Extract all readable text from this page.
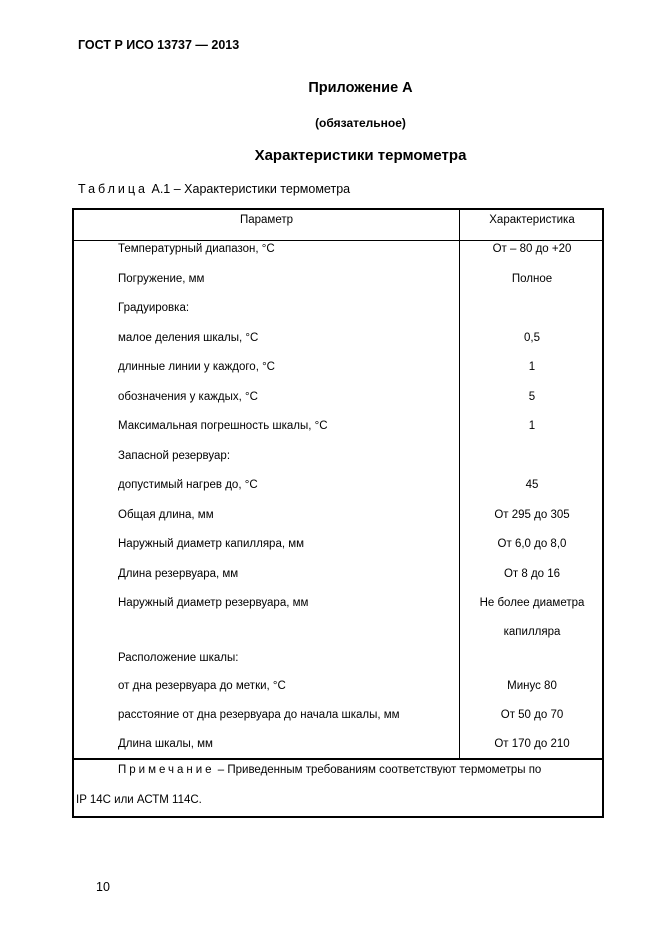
ГОСТ Р ИСО 13737 — 2013
Приложение А
(обязательное)
Характеристики термометра
Таблица А.1 – Характеристики термометра
Параметр	Характеристика
Температурный диапазон, °С	От – 80 до +20
Погружение, мм	Полное
Градуировка:
малое деления шкалы, °С	0,5
длинные линии у каждого, °С	1
обозначения у каждых, °С	5
Максимальная погрешность шкалы, °С	1
Запасной резервуар:
допустимый нагрев до, °С	45
Общая длина, мм	От 295 до 305
Наружный диаметр капилляра, мм	От 6,0 до 8,0
Длина резервуара, мм	От 8 до 16
Наружный диаметр резервуара, мм	Не более диаметра
капилляра
Расположение шкалы:
от дна резервуара до метки, °С	Минус 80
расстояние от дна резервуара до начала шкалы, мм	От 50 до 70
Длина шкалы, мм	От 170 до 210
Примечание – Приведенным требованиям соответствуют термометры по
IP 14С или АСТМ 114С.
10
